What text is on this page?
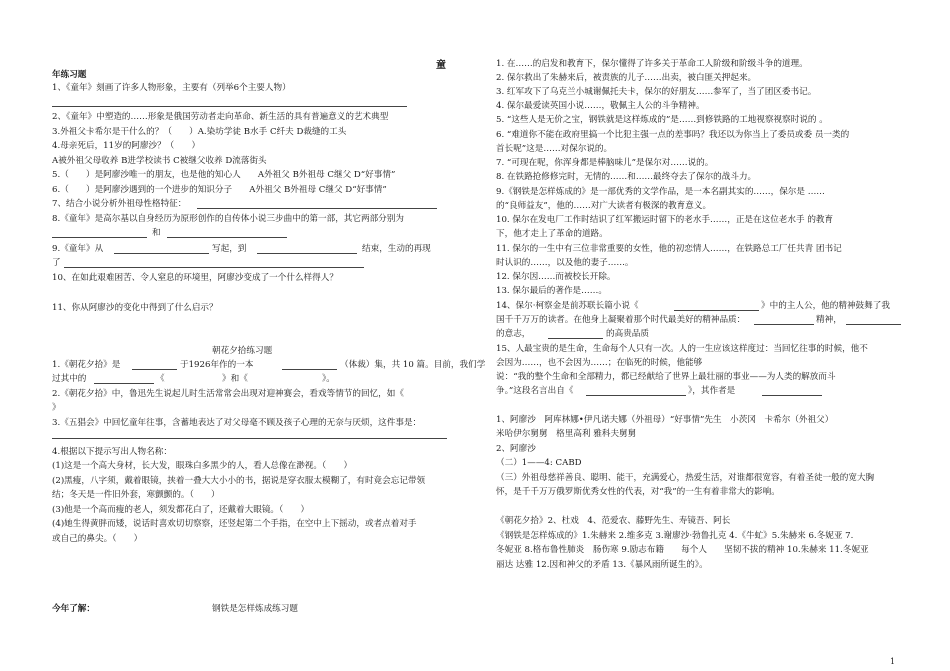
童
年练习题
1、《童年》刻画了许多人物形象，主要有（列举6个主要人物）
2、《童年》中塑造的……形象是俄国劳动者走向革命、新生活的具有普遍意义的艺术典型
3.外祖父卡希尔是干什么的？（　　）A.染坊学徒 B水手 C纤夫 D裁缝的工头
4.母亲死后，11岁的阿廖沙？（　　）
A被外祖父母收养 B进学校读书 C被继父收养 D流落街头
5.（　　）是阿廖沙唯一的朋友，也是他的知心人　　A外祖父 B外祖母 C继父 D“好事情”
6.（　　）是阿廖沙遇到的一个进步的知识分子　　A外祖父 B外祖母 C继父 D“好事情”
7、结合小说分析外祖母性格特征：
8.《童年》是高尔基以自身经历为原形创作的自传体小说三步曲中的第一部，其它两部分别为
和
9.《童年》从	写起，到	结束，生动的再现
了
10、在如此艰难困苦、令人窒息的环境里，阿廖沙变成了一个什么样得人？
11、你从阿廖沙的变化中得到了什么启示？
朝花夕拾练习题
1.《朝花夕拾》是	于1926年作的一本	（体裁）集，共 10 篇。目前，我们学
过其中的	《	》和《	》。
2.《朝花夕拾》中，鲁迅先生说起儿时生活常常会出现对迎神赛会，看戏等情节的回忆，如《
》
3.《五猖会》中回忆童年往事，含蓄地表达了对父母毫不顾及孩子心理的无奈与厌烦，这件事是：
4.根据以下提示写出人物名称：
(1)这是一个高大身材，长大发，眼珠白多黑少的人，看人总像在渺视。（　　）
(2)黑瘦，八字须，戴着眼镜，挟着一叠大大小小的书，据说是穿衣服太模糊了，有时竟会忘记带领
结；冬天是一件旧外套，寒颤颤的。（　　）
(3)他是一个高而瘦的老人，须发都花白了，还戴着大眼镜。（　　）
(4)她生得黄胖而矮，说话时喜欢切切察察，还竖起第二个手指，在空中上下摇动，或者点着对手
或自己的鼻尖。（　　）
今年了解：	钢铁是怎样炼成练习题
1. 在……的启发和教育下，保尔懂得了许多关于革命工人阶级和阶级斗争的道理。
2. 保尔救出了朱赫来后，被责族的儿子……出卖，被白匪关押起来。
3. 红军攻下了乌克兰小城谢佩托夫卡，保尔的好朋友……参军了，当了团区委书记。
4. 保尔最爱读英国小说……，敬佩主人公的斗争精神。
5. “这些人是无价之宝，钢铁就是这样炼成的”是……到修铁路的工地视察视察时说的 。
6. “难道你不能在政府里搞一个比犯主强一点的差事吗？我还以为你当上了委员或委 员一类的
首长呢”这是……对保尔说的。
7. “可现在呢，你浑身都是棒脑味儿”是保尔对……说的。
8. 在铁路抢修修完时，无情的……和……最终夺去了保尔的战斗力。
9.《钢铁是怎样炼成的》是一部优秀的文学作品，是一本名副其实的……，保尔是 ……
的“良师益友”，他的……对广大读者有极深的教育意义。
10. 保尔在发电厂工作时结识了红军搬运时留下的老水手……，正是在这位老水手 的教育
下，他才走上了革命的道路。
11. 保尔的一生中有三位非常重要的女性，他的初恋情人……，在铁路总工厂任共青 团书记
时认识的……，以及他的妻子……。
12. 保尔因……而被校长开除。
13. 保尔最后的著作是……。
14、保尔·柯察金是前苏联长篇小说《	》中的主人公，他的精神鼓舞了我
国千千万万的读者。在他身上凝聚着那个时代最美好的精神品质：	精神，
的意志，	的高贵品质
15、人最宝贵的是生命，生命每个人只有一次。人的一生应该这样度过：当回忆往事的时候，他不
会因为……，也不会因为……；在临死的时候，他能够
说：“我的整个生命和全部精力，都已经献给了世界上最壮丽的事业——为人类的解放而斗
争。”这段名言出自《	》，其作者是
1、阿廖沙　阿库林娜•伊凡诺夫娜（外祖母）“好事情”先生　小茨冈　卡希尔（外祖父）
米哈伊尔舅舅　格里高利 雅科夫舅舅
2、阿廖沙
（二）1——4: CABD
（三）外祖母慈祥善良、聪明、能干，充满爱心，热爱生活，对谁都很宽容，有着圣徒一般的宽大胸
怀，是千千万万俄罗斯优秀女性的代表，对“我”的一生有着非常大的影响。
《朝花夕拾》2、杜戏　4、范爱农、藤野先生、寿镜吾、阿长
《钢铁是怎样炼成的》1.朱赫来 2.维多克 3.谢廖沙·勃鲁扎克 4.《牛虻》5.朱赫来 6.冬妮亚 7.
冬妮亚 8.格布鲁性肺炎　肠伤寒 9.励志布籍　　每个人　　坚韧不拔的精神 10.朱赫来 11.冬妮亚
丽达 达雅 12.因和神父的矛盾 13.《暴风雨所诞生的》。
1
